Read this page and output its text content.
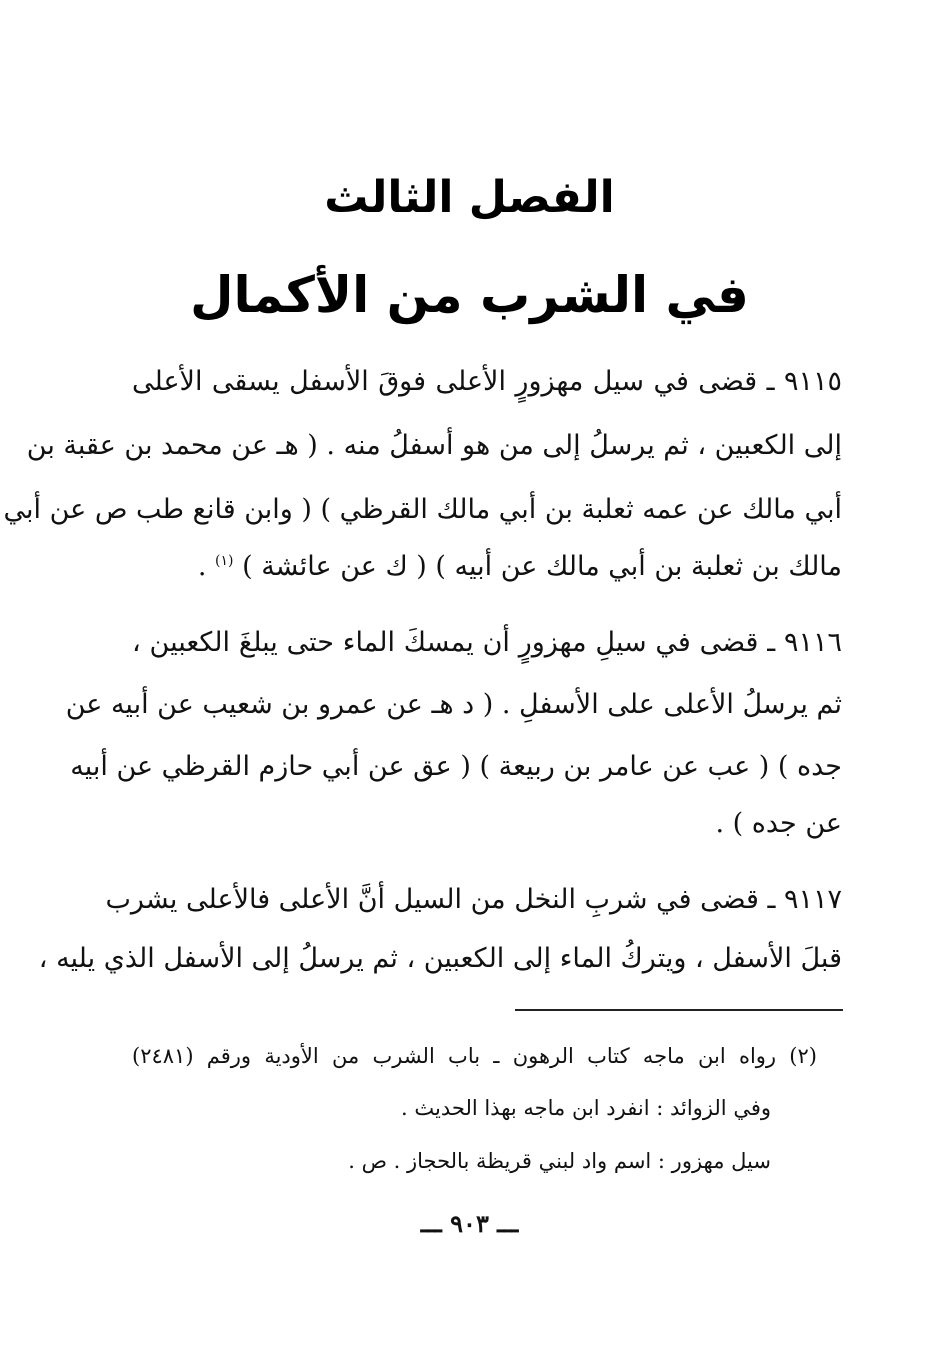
الفصل الثالث
في الشرب من الأكمال
٩١١٥ ـ قضى في سيل مهزورٍ الأعلى فوقَ الأسفل يسقى الأعلى
إلى الكعبين ، ثم يرسلُ إلى من هو أسفلُ منه . ( هـ عن محمد بن عقبة بن
أبي مالك عن عمه ثعلبة بن أبي مالك القرظي ) ( وابن قانع طب ص عن أبي
مالك بن ثعلبة بن أبي مالك عن أبيه ) ( ك عن عائشة ) $^{(١)}$ .
٩١١٦ ـ قضى في سيلِ مهزورٍ أن يمسكَ الماء حتى يبلغَ الكعبين ،
ثم يرسلُ الأعلى على الأسفلِ . ( د هـ عن عمرو بن شعيب عن أبيه عن
جده ) ( عب عن عامر بن ربيعة ) ( عق عن أبي حازم القرظي عن أبيه
عن جده ) .
٩١١٧ ـ قضى في شربِ النخل من السيل أنَّ الأعلى فالأعلى يشرب
قبلَ الأسفل ، ويتركُ الماء إلى الكعبين ، ثم يرسلُ إلى الأسفل الذي يليه ،
(٢) رواه ابن ماجه كتاب الرهون ـ باب الشرب من الأودية ورقم (٢٤٨١)
وفي الزوائد : انفرد ابن ماجه بهذا الحديث .
سيل مهزور : اسم واد لبني قريظة بالحجاز . ص .
ـــ ٩٠٣ ـــ
